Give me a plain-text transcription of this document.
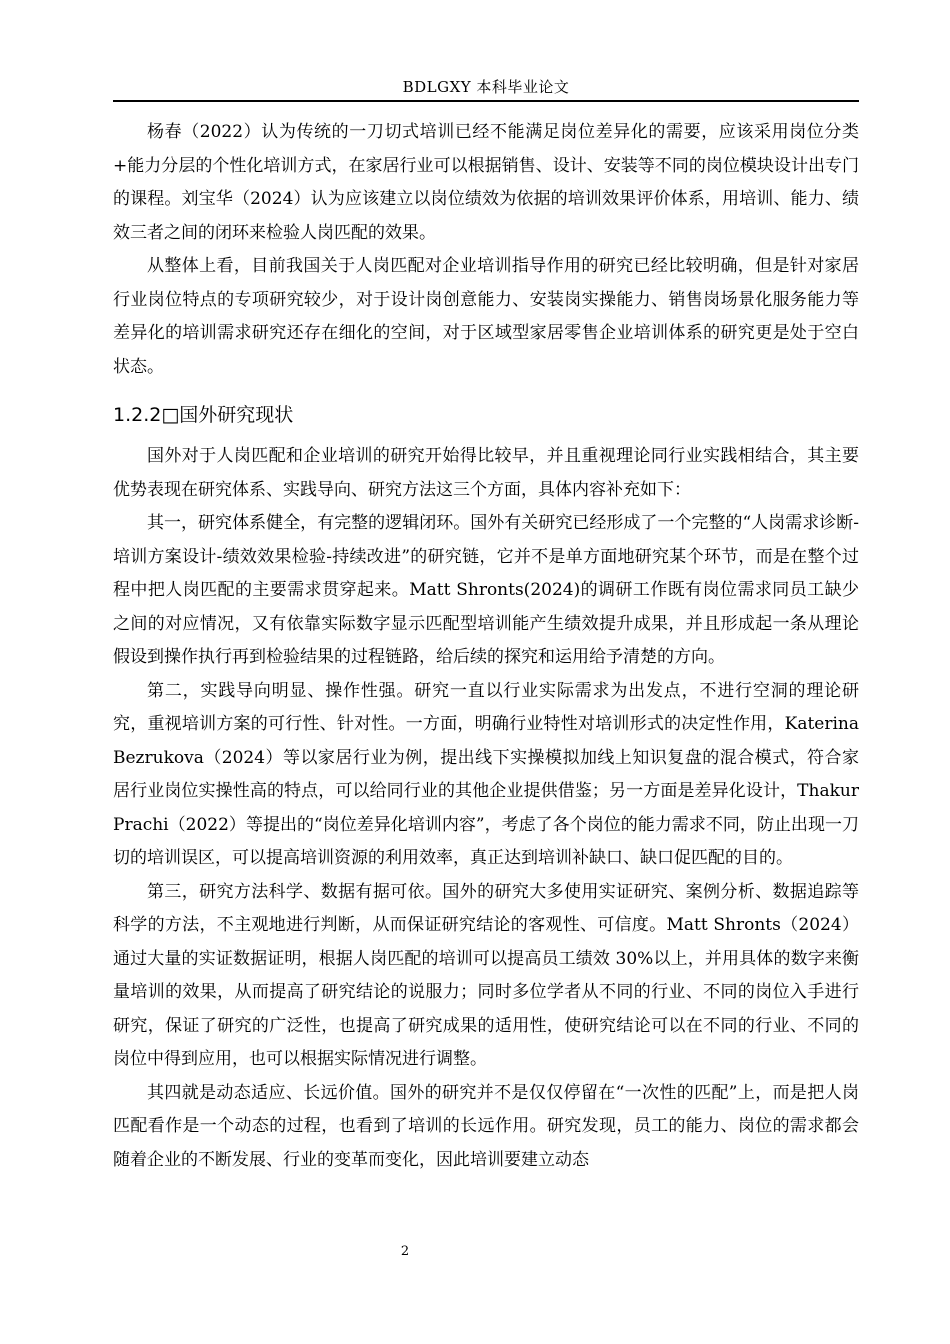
BDLGXY 本科毕业论文

杨春（2022）认为传统的一刀切式培训已经不能满足岗位差异化的需要，应该采用岗位分类+能力分层的个性化培训方式，在家居行业可以根据销售、设计、安装等不同的岗位模块设计出专门的课程。刘宝华（2024）认为应该建立以岗位绩效为依据的培训效果评价体系，用培训、能力、绩效三者之间的闭环来检验人岗匹配的效果。

从整体上看，目前我国关于人岗匹配对企业培训指导作用的研究已经比较明确，但是针对家居行业岗位特点的专项研究较少，对于设计岗创意能力、安装岗实操能力、销售岗场景化服务能力等差异化的培训需求研究还存在细化的空间，对于区域型家居零售企业培训体系的研究更是处于空白状态。

1.2.2□国外研究现状

国外对于人岗匹配和企业培训的研究开始得比较早，并且重视理论同行业实践相结合，其主要优势表现在研究体系、实践导向、研究方法这三个方面，具体内容补充如下：

其一，研究体系健全，有完整的逻辑闭环。国外有关研究已经形成了一个完整的“人岗需求诊断-培训方案设计-绩效效果检验-持续改进”的研究链，它并不是单方面地研究某个环节，而是在整个过程中把人岗匹配的主要需求贯穿起来。Matt Shronts(2024)的调研工作既有岗位需求同员工缺少之间的对应情况，又有依靠实际数字显示匹配型培训能产生绩效提升成果，并且形成起一条从理论假设到操作执行再到检验结果的过程链路，给后续的探究和运用给予清楚的方向。

第二，实践导向明显、操作性强。研究一直以行业实际需求为出发点，不进行空洞的理论研究，重视培训方案的可行性、针对性。一方面，明确行业特性对培训形式的决定性作用，Katerina Bezrukova（2024）等以家居行业为例，提出线下实操模拟加线上知识复盘的混合模式，符合家居行业岗位实操性高的特点，可以给同行业的其他企业提供借鉴；另一方面是差异化设计，Thakur Prachi（2022）等提出的“岗位差异化培训内容”，考虑了各个岗位的能力需求不同，防止出现一刀切的培训误区，可以提高培训资源的利用效率，真正达到培训补缺口、缺口促匹配的目的。

第三，研究方法科学、数据有据可依。国外的研究大多使用实证研究、案例分析、数据追踪等科学的方法，不主观地进行判断，从而保证研究结论的客观性、可信度。Matt Shronts（2024）通过大量的实证数据证明，根据人岗匹配的培训可以提高员工绩效 30%以上，并用具体的数字来衡量培训的效果，从而提高了研究结论的说服力；同时多位学者从不同的行业、不同的岗位入手进行研究，保证了研究的广泛性，也提高了研究成果的适用性，使研究结论可以在不同的行业、不同的岗位中得到应用，也可以根据实际情况进行调整。

其四就是动态适应、长远价值。国外的研究并不是仅仅停留在“一次性的匹配”上，而是把人岗匹配看作是一个动态的过程，也看到了培训的长远作用。研究发现，员工的能力、岗位的需求都会随着企业的不断发展、行业的变革而变化，因此培训要建立动态

2
